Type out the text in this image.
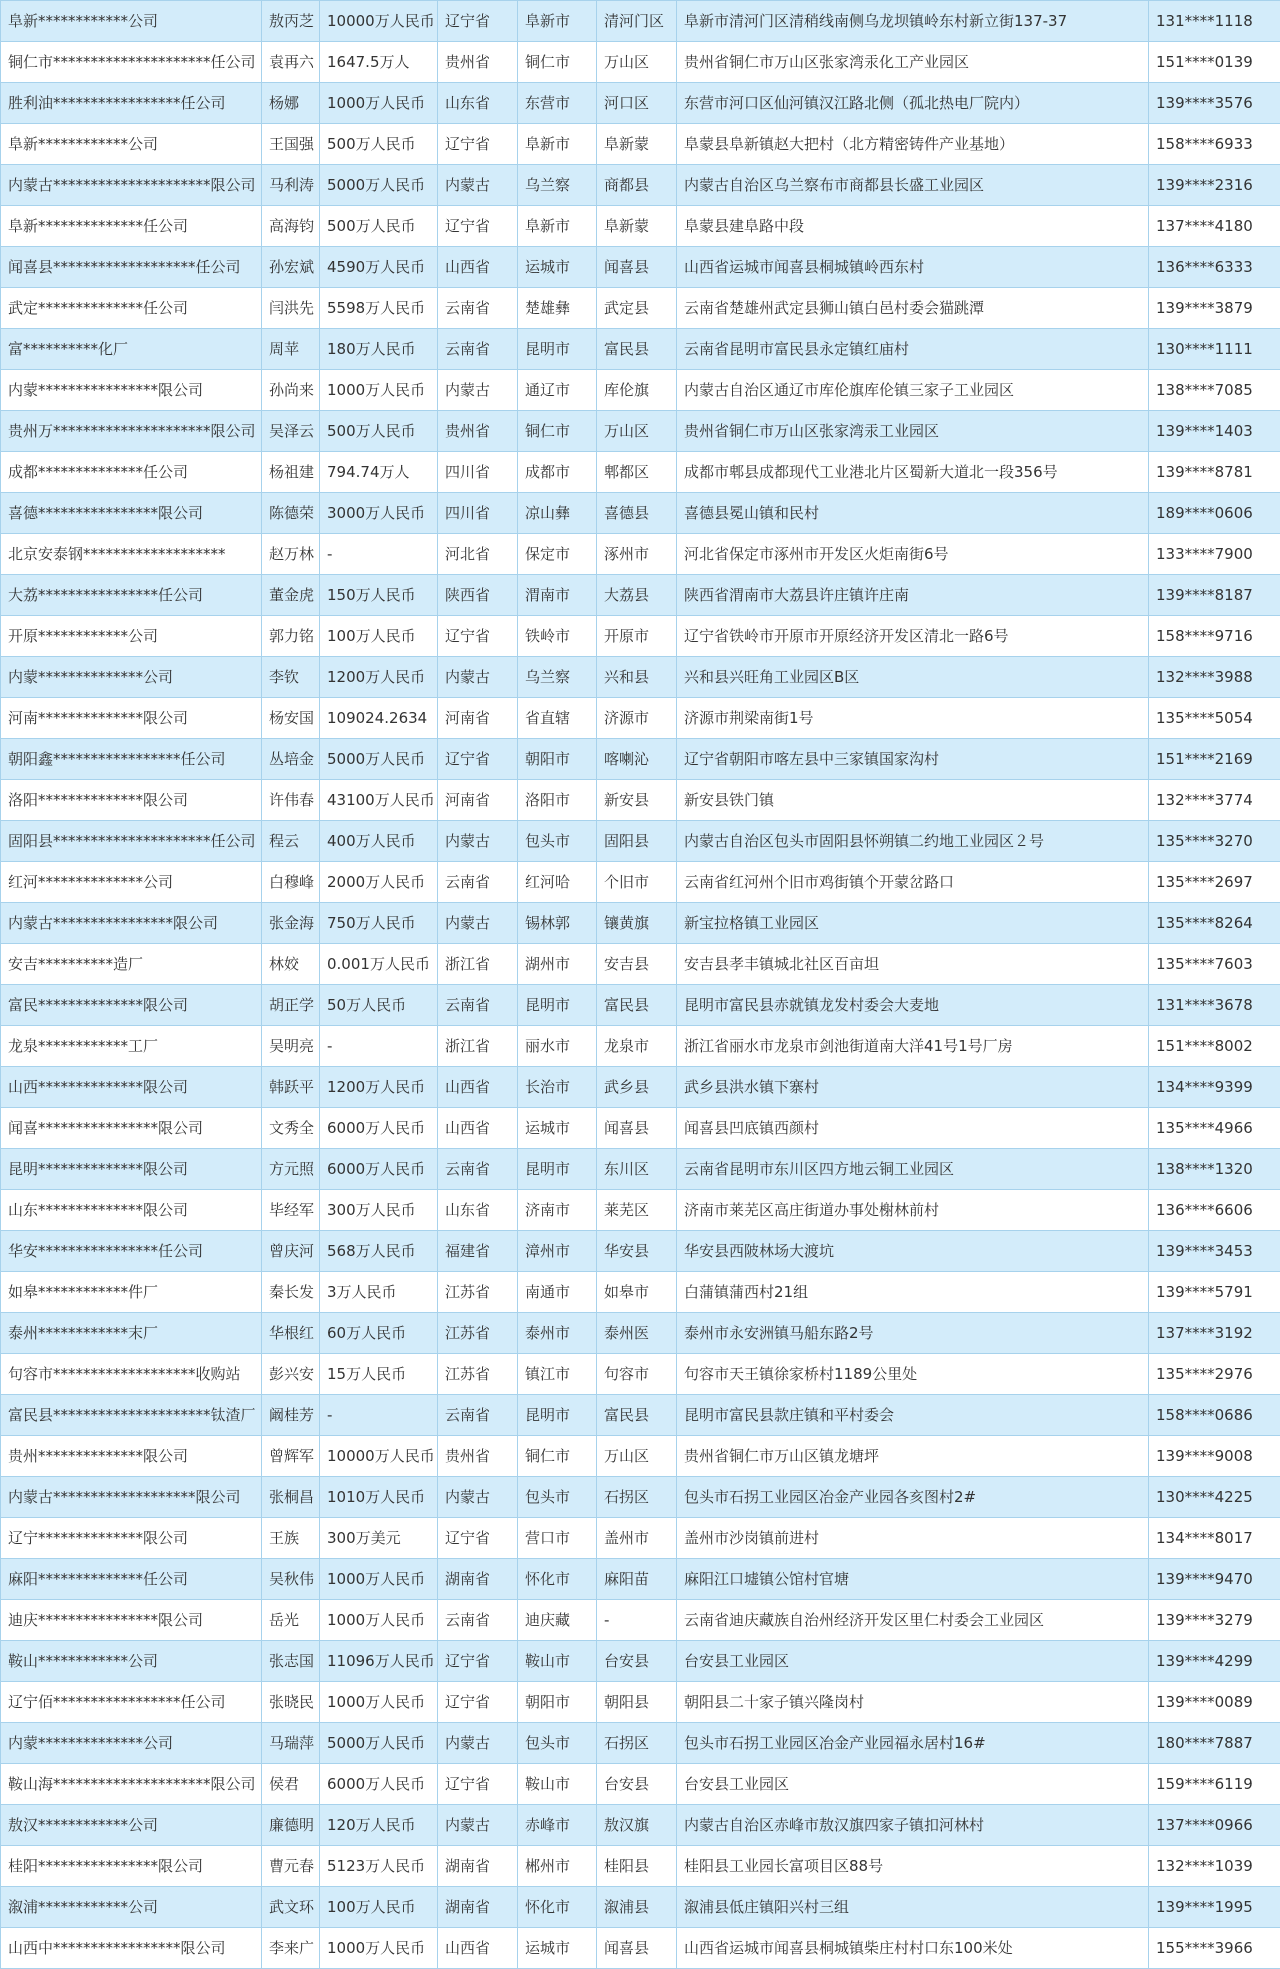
阜新************公司	敖丙芝	10000万人民币	辽宁省	阜新市	清河门区	阜新市清河门区清稍线南侧乌龙坝镇岭东村新立街137-37	131****1118
铜仁市*********************任公司	袁再六	1647.5万人	贵州省	铜仁市	万山区	贵州省铜仁市万山区张家湾汞化工产业园区	151****0139
胜利油*****************任公司	杨娜	1000万人民币	山东省	东营市	河口区	东营市河口区仙河镇汉江路北侧（孤北热电厂院内）	139****3576
阜新************公司	王国强	500万人民币	辽宁省	阜新市	阜新蒙	阜蒙县阜新镇赵大把村（北方精密铸件产业基地）	158****6933
内蒙古*********************限公司	马利涛	5000万人民币	内蒙古	乌兰察	商都县	内蒙古自治区乌兰察布市商都县长盛工业园区	139****2316
阜新**************任公司	高海钧	500万人民币	辽宁省	阜新市	阜新蒙	阜蒙县建阜路中段	137****4180
闻喜县*******************任公司	孙宏斌	4590万人民币	山西省	运城市	闻喜县	山西省运城市闻喜县桐城镇岭西东村	136****6333
武定**************任公司	闫洪先	5598万人民币	云南省	楚雄彝	武定县	云南省楚雄州武定县狮山镇白邑村委会猫跳潭	139****3879
富**********化厂	周苹	180万人民币	云南省	昆明市	富民县	云南省昆明市富民县永定镇红庙村	130****1111
内蒙****************限公司	孙尚来	1000万人民币	内蒙古	通辽市	库伦旗	内蒙古自治区通辽市库伦旗库伦镇三家子工业园区	138****7085
贵州万*********************限公司	吴泽云	500万人民币	贵州省	铜仁市	万山区	贵州省铜仁市万山区张家湾汞工业园区	139****1403
成都**************任公司	杨祖建	794.74万人	四川省	成都市	郫都区	成都市郫县成都现代工业港北片区蜀新大道北一段356号	139****8781
喜德****************限公司	陈德荣	3000万人民币	四川省	凉山彝	喜德县	喜德县冕山镇和民村	189****0606
北京安泰钢*******************	赵万林	-	河北省	保定市	涿州市	河北省保定市涿州市开发区火炬南街6号	133****7900
大荔****************任公司	董金虎	150万人民币	陕西省	渭南市	大荔县	陕西省渭南市大荔县许庄镇许庄南	139****8187
开原************公司	郭力铭	100万人民币	辽宁省	铁岭市	开原市	辽宁省铁岭市开原市开原经济开发区清北一路6号	158****9716
内蒙**************公司	李钦	1200万人民币	内蒙古	乌兰察	兴和县	兴和县兴旺角工业园区B区	132****3988
河南**************限公司	杨安国	109024.2634	河南省	省直辖	济源市	济源市荆梁南街1号	135****5054
朝阳鑫*****************任公司	丛培金	5000万人民币	辽宁省	朝阳市	喀喇沁	辽宁省朝阳市喀左县中三家镇国家沟村	151****2169
洛阳**************限公司	许伟春	43100万人民币	河南省	洛阳市	新安县	新安县铁门镇	132****3774
固阳县*********************任公司	程云	400万人民币	内蒙古	包头市	固阳县	内蒙古自治区包头市固阳县怀朔镇二约地工业园区２号	135****3270
红河**************公司	白穆峰	2000万人民币	云南省	红河哈	个旧市	云南省红河州个旧市鸡街镇个开蒙岔路口	135****2697
内蒙古****************限公司	张金海	750万人民币	内蒙古	锡林郭	镶黄旗	新宝拉格镇工业园区	135****8264
安吉**********造厂	林姣	0.001万人民币	浙江省	湖州市	安吉县	安吉县孝丰镇城北社区百亩坦	135****7603
富民**************限公司	胡正学	50万人民币	云南省	昆明市	富民县	昆明市富民县赤就镇龙发村委会大麦地	131****3678
龙泉************工厂	吴明亮	-	浙江省	丽水市	龙泉市	浙江省丽水市龙泉市剑池街道南大洋41号1号厂房	151****8002
山西**************限公司	韩跃平	1200万人民币	山西省	长治市	武乡县	武乡县洪水镇下寨村	134****9399
闻喜****************限公司	文秀全	6000万人民币	山西省	运城市	闻喜县	闻喜县凹底镇西颜村	135****4966
昆明**************限公司	方元照	6000万人民币	云南省	昆明市	东川区	云南省昆明市东川区四方地云铜工业园区	138****1320
山东**************限公司	毕经军	300万人民币	山东省	济南市	莱芜区	济南市莱芜区高庄街道办事处榭林前村	136****6606
华安****************任公司	曾庆河	568万人民币	福建省	漳州市	华安县	华安县西陂林场大渡坑	139****3453
如皋************件厂	秦长发	3万人民币	江苏省	南通市	如皋市	白蒲镇蒲西村21组	139****5791
泰州************末厂	华根红	60万人民币	江苏省	泰州市	泰州医	泰州市永安洲镇马船东路2号	137****3192
句容市*******************收购站	彭兴安	15万人民币	江苏省	镇江市	句容市	句容市天王镇徐家桥村1189公里处	135****2976
富民县*********************钛渣厂	阚桂芳	-	云南省	昆明市	富民县	昆明市富民县款庄镇和平村委会	158****0686
贵州**************限公司	曾辉军	10000万人民币	贵州省	铜仁市	万山区	贵州省铜仁市万山区镇龙塘坪	139****9008
内蒙古*******************限公司	张桐昌	1010万人民币	内蒙古	包头市	石拐区	包头市石拐工业园区冶金产业园各亥图村2#	130****4225
辽宁**************限公司	王族	300万美元	辽宁省	营口市	盖州市	盖州市沙岗镇前进村	134****8017
麻阳**************任公司	吴秋伟	1000万人民币	湖南省	怀化市	麻阳苗	麻阳江口墟镇公馆村官塘	139****9470
迪庆****************限公司	岳光	1000万人民币	云南省	迪庆藏	-	云南省迪庆藏族自治州经济开发区里仁村委会工业园区	139****3279
鞍山************公司	张志国	11096万人民币	辽宁省	鞍山市	台安县	台安县工业园区	139****4299
辽宁佰*****************任公司	张晓民	1000万人民币	辽宁省	朝阳市	朝阳县	朝阳县二十家子镇兴隆岗村	139****0089
内蒙**************公司	马瑞萍	5000万人民币	内蒙古	包头市	石拐区	包头市石拐工业园区冶金产业园福永居村16#	180****7887
鞍山海*********************限公司	侯君	6000万人民币	辽宁省	鞍山市	台安县	台安县工业园区	159****6119
敖汉************公司	廉德明	120万人民币	内蒙古	赤峰市	敖汉旗	内蒙古自治区赤峰市敖汉旗四家子镇扣河林村	137****0966
桂阳****************限公司	曹元春	5123万人民币	湖南省	郴州市	桂阳县	桂阳县工业园长富项目区88号	132****1039
溆浦************公司	武文环	100万人民币	湖南省	怀化市	溆浦县	溆浦县低庄镇阳兴村三组	139****1995
山西中*****************限公司	李来广	1000万人民币	山西省	运城市	闻喜县	山西省运城市闻喜县桐城镇柴庄村村口东100米处	155****3966
